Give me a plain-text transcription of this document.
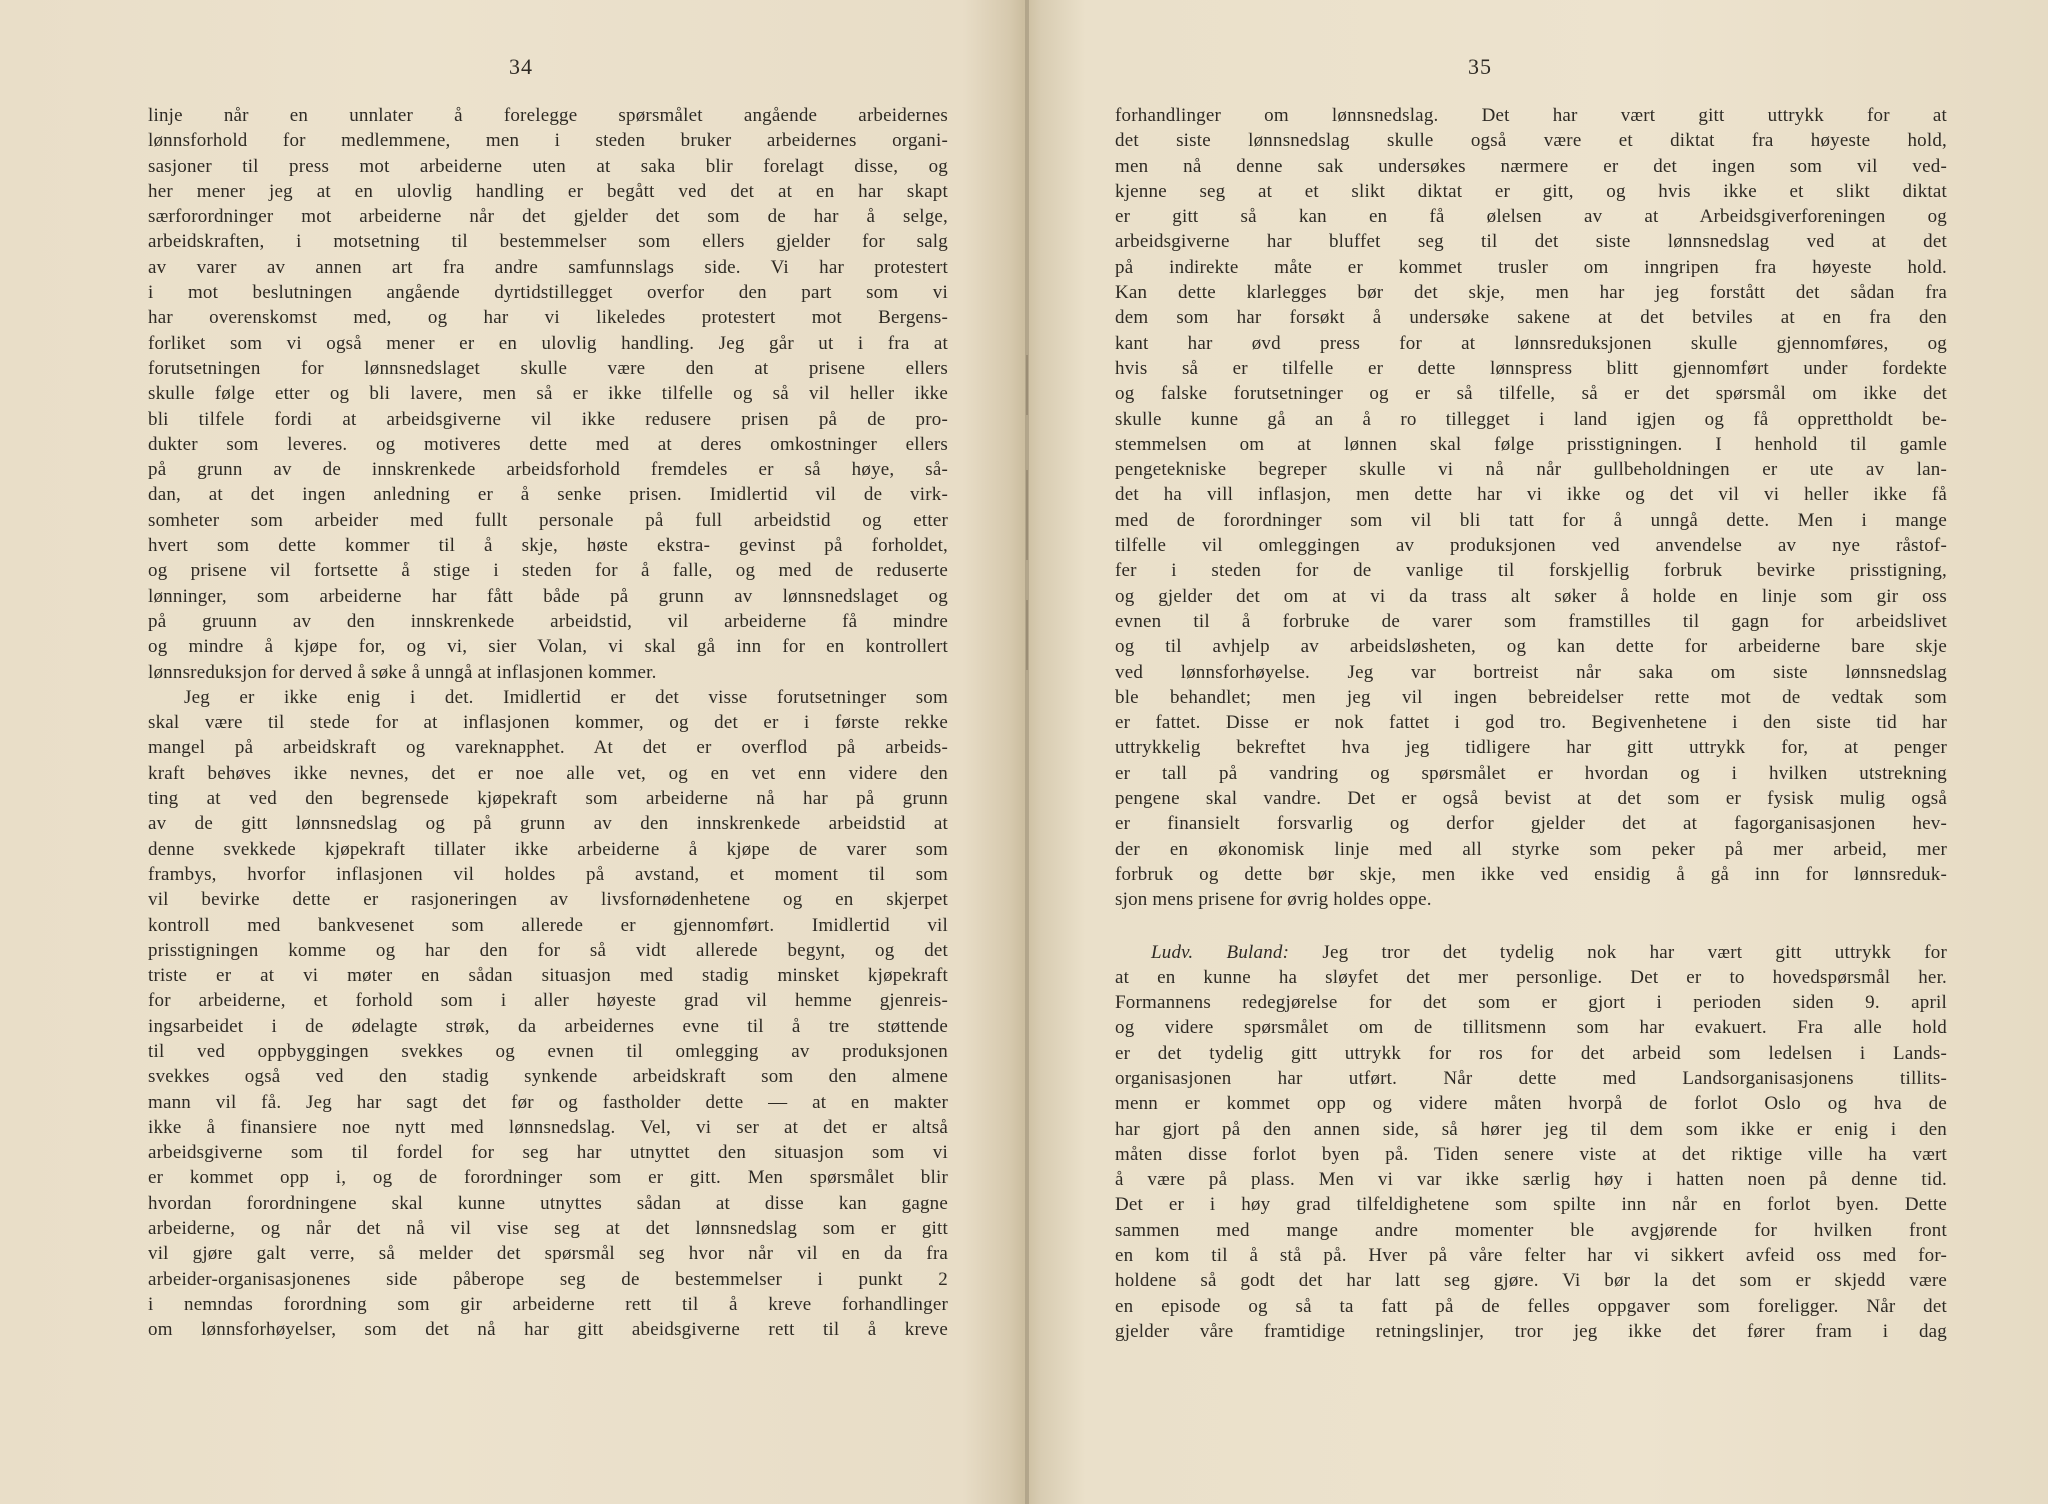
34
linje når en unnlater å forelegge spørsmålet angående arbeidernes
lønnsforhold for medlemmene, men i steden bruker arbeidernes organi-
sasjoner til press mot arbeiderne uten at saka blir forelagt disse, og
her mener jeg at en ulovlig handling er begått ved det at en har skapt
særforordninger mot arbeiderne når det gjelder det som de har å selge,
arbeidskraften, i motsetning til bestemmelser som ellers gjelder for salg
av varer av annen art fra andre samfunnslags side. Vi har protestert
i mot beslutningen angående dyrtidstillegget overfor den part som vi
har overenskomst med, og har vi likeledes protestert mot Bergens-
forliket som vi også mener er en ulovlig handling. Jeg går ut i fra at
forutsetningen for lønnsnedslaget skulle være den at prisene ellers
skulle følge etter og bli lavere, men så er ikke tilfelle og så vil heller ikke
bli tilfele fordi at arbeidsgiverne vil ikke redusere prisen på de pro-
dukter som leveres. og motiveres dette med at deres omkostninger ellers
på grunn av de innskrenkede arbeidsforhold fremdeles er så høye, så-
dan, at det ingen anledning er å senke prisen. Imidlertid vil de virk-
somheter som arbeider med fullt personale på full arbeidstid og etter
hvert som dette kommer til å skje, høste ekstra- gevinst på forholdet,
og prisene vil fortsette å stige i steden for å falle, og med de reduserte
lønninger, som arbeiderne har fått både på grunn av lønnsnedslaget og
på gruunn av den innskrenkede arbeidstid, vil arbeiderne få mindre
og mindre å kjøpe for, og vi, sier Volan, vi skal gå inn for en kontrollert
lønnsreduksjon for derved å søke å unngå at inflasjonen kommer.
Jeg er ikke enig i det. Imidlertid er det visse forutsetninger som
skal være til stede for at inflasjonen kommer, og det er i første rekke
mangel på arbeidskraft og vareknapphet. At det er overflod på arbeids-
kraft behøves ikke nevnes, det er noe alle vet, og en vet enn videre den
ting at ved den begrensede kjøpekraft som arbeiderne nå har på grunn
av de gitt lønnsnedslag og på grunn av den innskrenkede arbeidstid at
denne svekkede kjøpekraft tillater ikke arbeiderne å kjøpe de varer som
frambys, hvorfor inflasjonen vil holdes på avstand, et moment til som
vil bevirke dette er rasjoneringen av livsfornødenhetene og en skjerpet
kontroll med bankvesenet som allerede er gjennomført. Imidlertid vil
prisstigningen komme og har den for så vidt allerede begynt, og det
triste er at vi møter en sådan situasjon med stadig minsket kjøpekraft
for arbeiderne, et forhold som i aller høyeste grad vil hemme gjenreis-
ingsarbeidet i de ødelagte strøk, da arbeidernes evne til å tre støttende
til ved oppbyggingen svekkes og evnen til omlegging av produksjonen
svekkes også ved den stadig synkende arbeidskraft som den almene
mann vil få. Jeg har sagt det før og fastholder dette — at en makter
ikke å finansiere noe nytt med lønnsnedslag. Vel, vi ser at det er altså
arbeidsgiverne som til fordel for seg har utnyttet den situasjon som vi
er kommet opp i, og de forordninger som er gitt. Men spørsmålet blir
hvordan forordningene skal kunne utnyttes sådan at disse kan gagne
arbeiderne, og når det nå vil vise seg at det lønnsnedslag som er gitt
vil gjøre galt verre, så melder det spørsmål seg hvor når vil en da fra
arbeider-organisasjonenes side påberope seg de bestemmelser i punkt 2
i nemndas forordning som gir arbeiderne rett til å kreve forhandlinger
om lønnsforhøyelser, som det nå har gitt abeidsgiverne rett til å kreve
35
forhandlinger om lønnsnedslag. Det har vært gitt uttrykk for at
det siste lønnsnedslag skulle også være et diktat fra høyeste hold,
men nå denne sak undersøkes nærmere er det ingen som vil ved-
kjenne seg at et slikt diktat er gitt, og hvis ikke et slikt diktat
er gitt så kan en få ølelsen av at Arbeidsgiverforeningen og
arbeidsgiverne har bluffet seg til det siste lønnsnedslag ved at det
på indirekte måte er kommet trusler om inngripen fra høyeste hold.
Kan dette klarlegges bør det skje, men har jeg forstått det sådan fra
dem som har forsøkt å undersøke sakene at det betviles at en fra den
kant har øvd press for at lønnsreduksjonen skulle gjennomføres, og
hvis så er tilfelle er dette lønnspress blitt gjennomført under fordekte
og falske forutsetninger og er så tilfelle, så er det spørsmål om ikke det
skulle kunne gå an å ro tillegget i land igjen og få opprettholdt be-
stemmelsen om at lønnen skal følge prisstigningen. I henhold til gamle
pengetekniske begreper skulle vi nå når gullbeholdningen er ute av lan-
det ha vill inflasjon, men dette har vi ikke og det vil vi heller ikke få
med de forordninger som vil bli tatt for å unngå dette. Men i mange
tilfelle vil omleggingen av produksjonen ved anvendelse av nye råstof-
fer i steden for de vanlige til forskjellig forbruk bevirke prisstigning,
og gjelder det om at vi da trass alt søker å holde en linje som gir oss
evnen til å forbruke de varer som framstilles til gagn for arbeidslivet
og til avhjelp av arbeidsløsheten, og kan dette for arbeiderne bare skje
ved lønnsforhøyelse. Jeg var bortreist når saka om siste lønnsnedslag
ble behandlet; men jeg vil ingen bebreidelser rette mot de vedtak som
er fattet. Disse er nok fattet i god tro. Begivenhetene i den siste tid har
uttrykkelig bekreftet hva jeg tidligere har gitt uttrykk for, at penger
er tall på vandring og spørsmålet er hvordan og i hvilken utstrekning
pengene skal vandre. Det er også bevist at det som er fysisk mulig også
er finansielt forsvarlig og derfor gjelder det at fagorganisasjonen hev-
der en økonomisk linje med all styrke som peker på mer arbeid, mer
forbruk og dette bør skje, men ikke ved ensidig å gå inn for lønnsreduk-
sjon mens prisene for øvrig holdes oppe.
Ludv. Buland: Jeg tror det tydelig nok har vært gitt uttrykk for
at en kunne ha sløyfet det mer personlige. Det er to hovedspørsmål her.
Formannens redegjørelse for det som er gjort i perioden siden 9. april
og videre spørsmålet om de tillitsmenn som har evakuert. Fra alle hold
er det tydelig gitt uttrykk for ros for det arbeid som ledelsen i Lands-
organisasjonen har utført. Når dette med Landsorganisasjonens tillits-
menn er kommet opp og videre måten hvorpå de forlot Oslo og hva de
har gjort på den annen side, så hører jeg til dem som ikke er enig i den
måten disse forlot byen på. Tiden senere viste at det riktige ville ha vært
å være på plass. Men vi var ikke særlig høy i hatten noen på denne tid.
Det er i høy grad tilfeldighetene som spilte inn når en forlot byen. Dette
sammen med mange andre momenter ble avgjørende for hvilken front
en kom til å stå på. Hver på våre felter har vi sikkert avfeid oss med for-
holdene så godt det har latt seg gjøre. Vi bør la det som er skjedd være
en episode og så ta fatt på de felles oppgaver som foreligger. Når det
gjelder våre framtidige retningslinjer, tror jeg ikke det fører fram i dag
